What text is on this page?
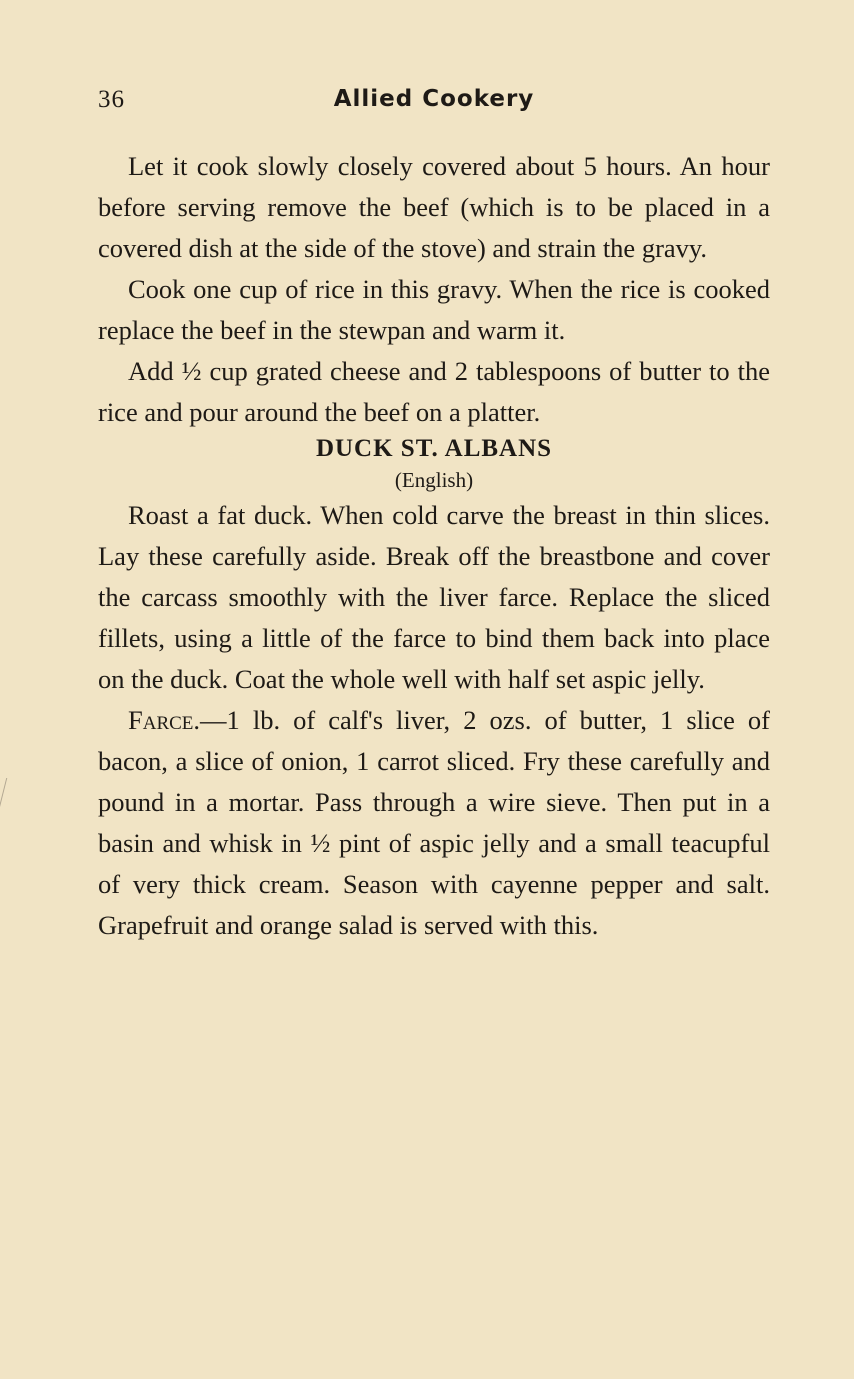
36	Allied Cookery

Let it cook slowly closely covered about 5 hours. An hour before serving remove the beef (which is to be placed in a covered dish at the side of the stove) and strain the gravy.

Cook one cup of rice in this gravy. When the rice is cooked replace the beef in the stewpan and warm it.

Add ½ cup grated cheese and 2 tablespoons of butter to the rice and pour around the beef on a platter.

DUCK ST. ALBANS

(English)

Roast a fat duck. When cold carve the breast in thin slices. Lay these carefully aside. Break off the breastbone and cover the carcass smoothly with the liver farce. Replace the sliced fillets, using a little of the farce to bind them back into place on the duck. Coat the whole well with half set aspic jelly.

Farce.—1 lb. of calf's liver, 2 ozs. of butter, 1 slice of bacon, a slice of onion, 1 carrot sliced. Fry these carefully and pound in a mortar. Pass through a wire sieve. Then put in a basin and whisk in ½ pint of aspic jelly and a small teacupful of very thick cream. Season with cayenne pepper and salt. Grapefruit and orange salad is served with this.
